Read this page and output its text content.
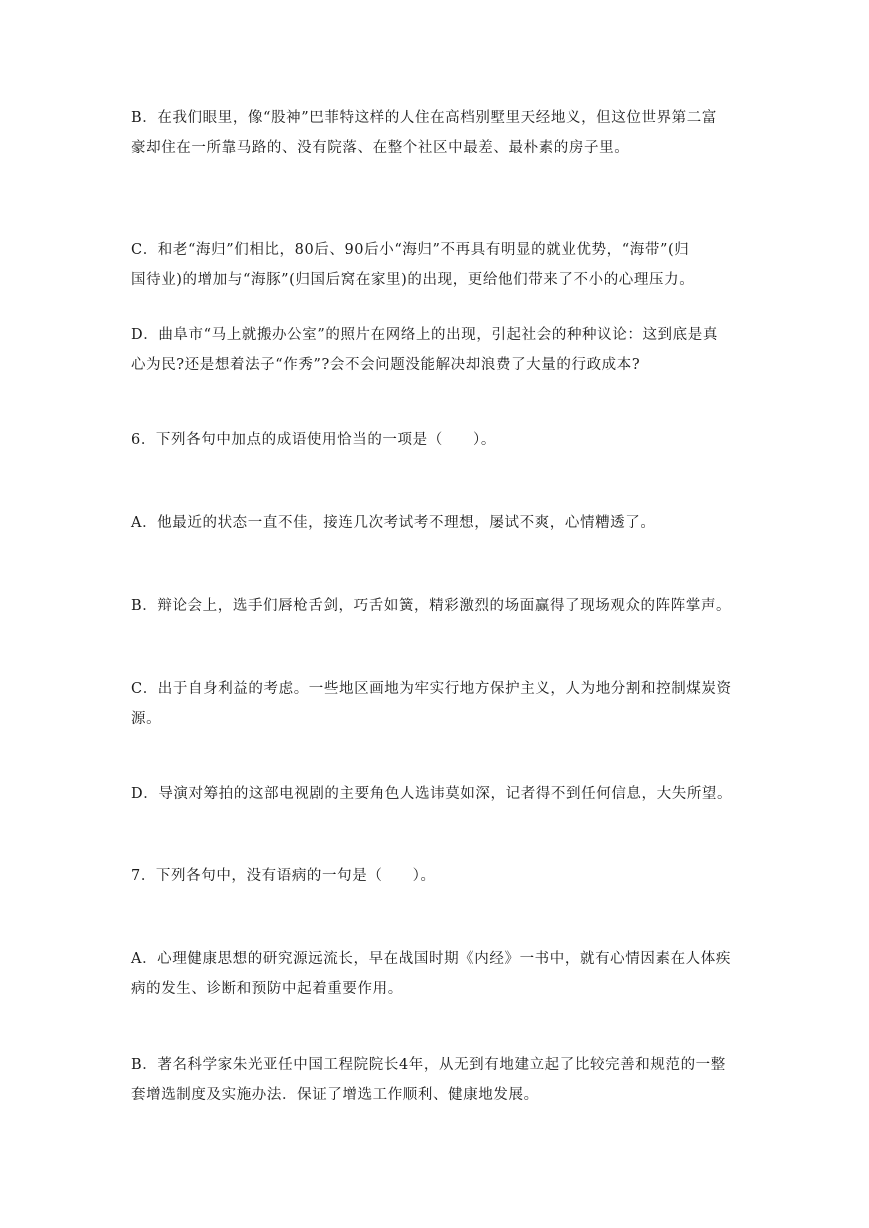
B．在我们眼里，像“股神”巴菲特这样的人住在高档别墅里天经地义，但这位世界第二富
豪却住在一所靠马路的、没有院落、在整个社区中最差、最朴素的房子里。
C．和老“海归”们相比，80后、90后小“海归”不再具有明显的就业优势，“海带”(归
国待业)的增加与“海豚”(归国后窝在家里)的出现，更给他们带来了不小的心理压力。
D．曲阜市“马上就搬办公室”的照片在网络上的出现，引起社会的种种议论：这到底是真
心为民?还是想着法子“作秀”?会不会问题没能解决却浪费了大量的行政成本?
6．下列各句中加点的成语使用恰当的一项是（　　）。
A．他最近的状态一直不佳，接连几次考试考不理想，屡试不爽，心情糟透了。
B．辩论会上，选手们唇枪舌剑，巧舌如簧，精彩激烈的场面赢得了现场观众的阵阵掌声。
C．出于自身利益的考虑。一些地区画地为牢实行地方保护主义，人为地分割和控制煤炭资
源。
D．导演对筹拍的这部电视剧的主要角色人选讳莫如深，记者得不到任何信息，大失所望。
7．下列各句中，没有语病的一句是（　　）。
A．心理健康思想的研究源远流长，早在战国时期《内经》一书中，就有心情因素在人体疾
病的发生、诊断和预防中起着重要作用。
B．著名科学家朱光亚任中国工程院院长4年，从无到有地建立起了比较完善和规范的一整
套增选制度及实施办法．保证了增选工作顺利、健康地发展。
